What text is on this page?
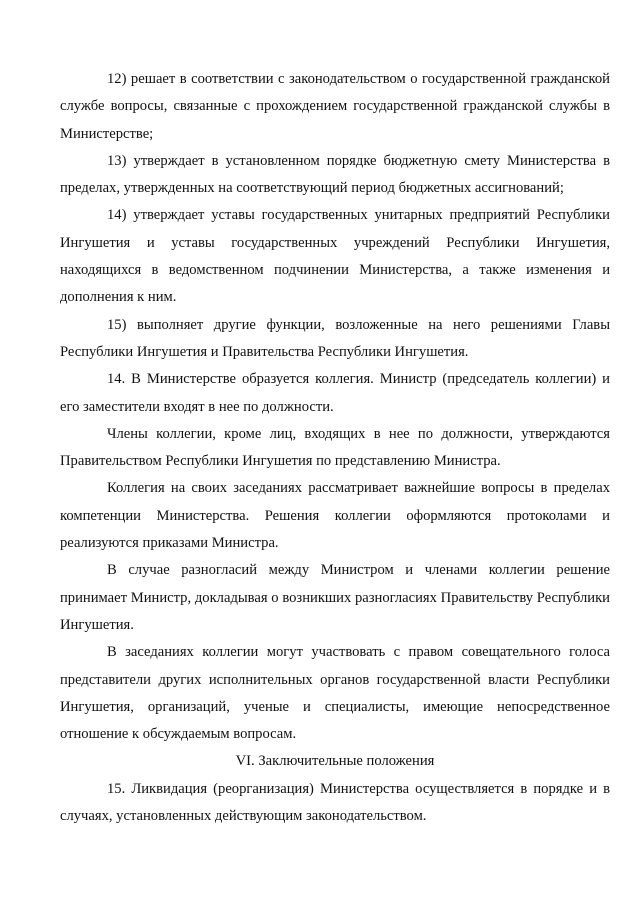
12) решает в соответствии с законодательством о государственной гражданской службе вопросы, связанные с прохождением государственной гражданской службы в Министерстве;

13) утверждает в установленном порядке бюджетную смету Министерства в пределах, утвержденных на соответствующий период бюджетных ассигнований;

14) утверждает уставы государственных унитарных предприятий Республики Ингушетия и уставы государственных учреждений Республики Ингушетия, находящихся в ведомственном подчинении Министерства, а также изменения и дополнения к ним.

15) выполняет другие функции, возложенные на него решениями Главы Республики Ингушетия и Правительства Республики Ингушетия.

14. В Министерстве образуется коллегия. Министр (председатель коллегии) и его заместители входят в нее по должности.

Члены коллегии, кроме лиц, входящих в нее по должности, утверждаются Правительством Республики Ингушетия по представлению Министра.

Коллегия на своих заседаниях рассматривает важнейшие вопросы в пределах компетенции Министерства. Решения коллегии оформляются протоколами и реализуются приказами Министра.

В случае разногласий между Министром и членами коллегии решение принимает Министр, докладывая о возникших разногласиях Правительству Республики Ингушетия.

В заседаниях коллегии могут участвовать с правом совещательного голоса представители других исполнительных органов государственной власти Республики Ингушетия, организаций, ученые и специалисты, имеющие непосредственное отношение к обсуждаемым вопросам.

VI. Заключительные положения

15. Ликвидация (реорганизация) Министерства осуществляется в порядке и в случаях, установленных действующим законодательством.
